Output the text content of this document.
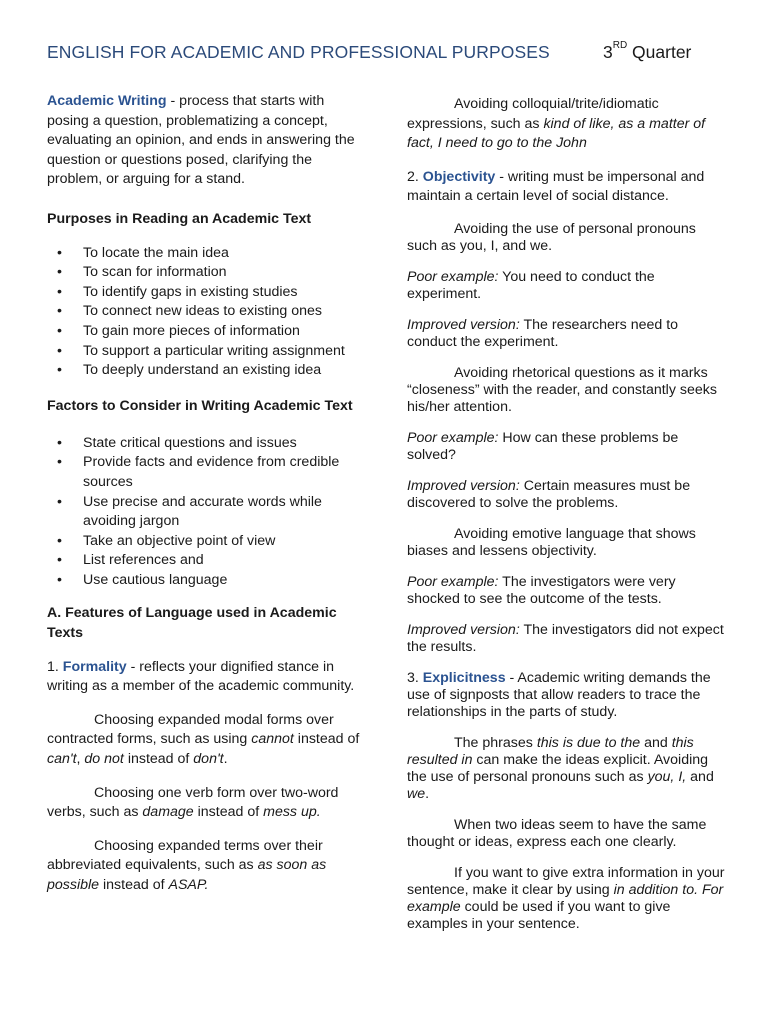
ENGLISH FOR ACADEMIC AND PROFESSIONAL PURPOSES	3RD Quarter

Academic Writing - process that starts with posing a question, problematizing a concept, evaluating an opinion, and ends in answering the question or questions posed, clarifying the problem, or arguing for a stand.

Purposes in Reading an Academic Text

• To locate the main idea
• To scan for information
• To identify gaps in existing studies
• To connect new ideas to existing ones
• To gain more pieces of information
• To support a particular writing assignment
• To deeply understand an existing idea

Factors to Consider in Writing Academic Text

• State critical questions and issues
• Provide facts and evidence from credible sources
• Use precise and accurate words while avoiding jargon
• Take an objective point of view
• List references and
• Use cautious language

A. Features of Language used in Academic Texts

1. Formality - reflects your dignified stance in writing as a member of the academic community.

Choosing expanded modal forms over contracted forms, such as using cannot instead of can't, do not instead of don't.

Choosing one verb form over two-word verbs, such as damage instead of mess up.

Choosing expanded terms over their abbreviated equivalents, such as as soon as possible instead of ASAP.

Avoiding colloquial/trite/idiomatic expressions, such as kind of like, as a matter of fact, I need to go to the John

2. Objectivity - writing must be impersonal and maintain a certain level of social distance.

Avoiding the use of personal pronouns such as you, I, and we.

Poor example: You need to conduct the experiment.

Improved version: The researchers need to conduct the experiment.

Avoiding rhetorical questions as it marks “closeness” with the reader, and constantly seeks his/her attention.

Poor example: How can these problems be solved?

Improved version: Certain measures must be discovered to solve the problems.

Avoiding emotive language that shows biases and lessens objectivity.

Poor example: The investigators were very shocked to see the outcome of the tests.

Improved version: The investigators did not expect the results.

3. Explicitness - Academic writing demands the use of signposts that allow readers to trace the relationships in the parts of study.

The phrases this is due to the and this resulted in can make the ideas explicit. Avoiding the use of personal pronouns such as you, I, and we.

When two ideas seem to have the same thought or ideas, express each one clearly.

If you want to give extra information in your sentence, make it clear by using in addition to. For example could be used if you want to give examples in your sentence.
